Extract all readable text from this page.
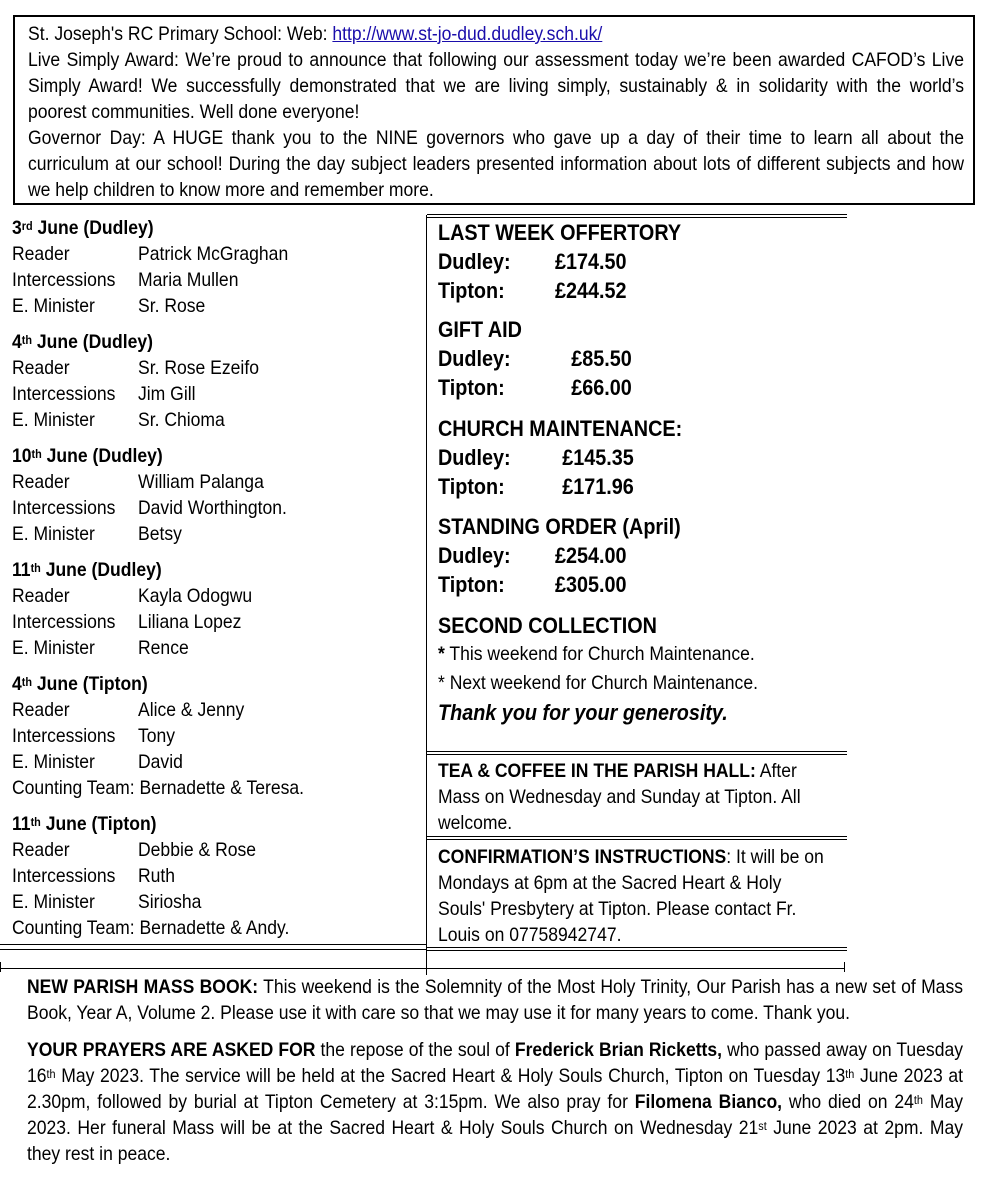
St. Joseph's RC Primary School: Web: http://www.st-jo-dud.dudley.sch.uk/
Live Simply Award: We’re proud to announce that following our assessment today we’re been awarded CAFOD’s Live Simply Award! We successfully demonstrated that we are living simply, sustainably & in solidarity with the world’s poorest communities. Well done everyone!
Governor Day: A HUGE thank you to the NINE governors who gave up a day of their time to learn all about the curriculum at our school! During the day subject leaders presented information about lots of different subjects and how we help children to know more and remember more.
3rd June (Dudley)
Reader	Patrick McGraghan
Intercessions Maria Mullen
E. Minister Sr. Rose
4th June (Dudley)
Reader	Sr. Rose Ezeifo
Intercessions Jim Gill
E. Minister Sr. Chioma
10th June (Dudley)
Reader	William Palanga
Intercessions David Worthington.
E. Minister Betsy
11th June (Dudley)
Reader	Kayla Odogwu
Intercessions Liliana Lopez
E. Minister Rence
4th June (Tipton)
Reader	Alice & Jenny
Intercessions Tony
E. Minister David
Counting Team: Bernadette & Teresa.
11th June (Tipton)
Reader	Debbie & Rose
Intercessions Ruth
E. Minister Siriosha
Counting Team: Bernadette & Andy.
LAST WEEK OFFERTORY
Dudley: £174.50
Tipton: £244.52
GIFT AID
Dudley:	£85.50
Tipton:	£66.00
CHURCH MAINTENANCE:
Dudley: £145.35
Tipton:	£171.96
STANDING ORDER (April)
Dudley: £254.00
Tipton: £305.00
SECOND COLLECTION
* This weekend for Church Maintenance.
* Next weekend for Church Maintenance.
Thank you for your generosity.
TEA & COFFEE IN THE PARISH HALL: After Mass on Wednesday and Sunday at Tipton. All welcome.
CONFIRMATION’S INSTRUCTIONS: It will be on Mondays at 6pm at the Sacred Heart & Holy Souls' Presbytery at Tipton. Please contact Fr. Louis on 07758942747.

NEW PARISH MASS BOOK: This weekend is the Solemnity of the Most Holy Trinity, Our Parish has a new set of Mass Book, Year A, Volume 2. Please use it with care so that we may use it for many years to come. Thank you.

YOUR PRAYERS ARE ASKED FOR the repose of the soul of Frederick Brian Ricketts, who passed away on Tuesday 16th May 2023. The service will be held at the Sacred Heart & Holy Souls Church, Tipton on Tuesday 13th June 2023 at 2.30pm, followed by burial at Tipton Cemetery at 3:15pm. We also pray for Filomena Bianco, who died on 24th May 2023. Her funeral Mass will be at the Sacred Heart & Holy Souls Church on Wednesday 21st June 2023 at 2pm. May they rest in peace.
